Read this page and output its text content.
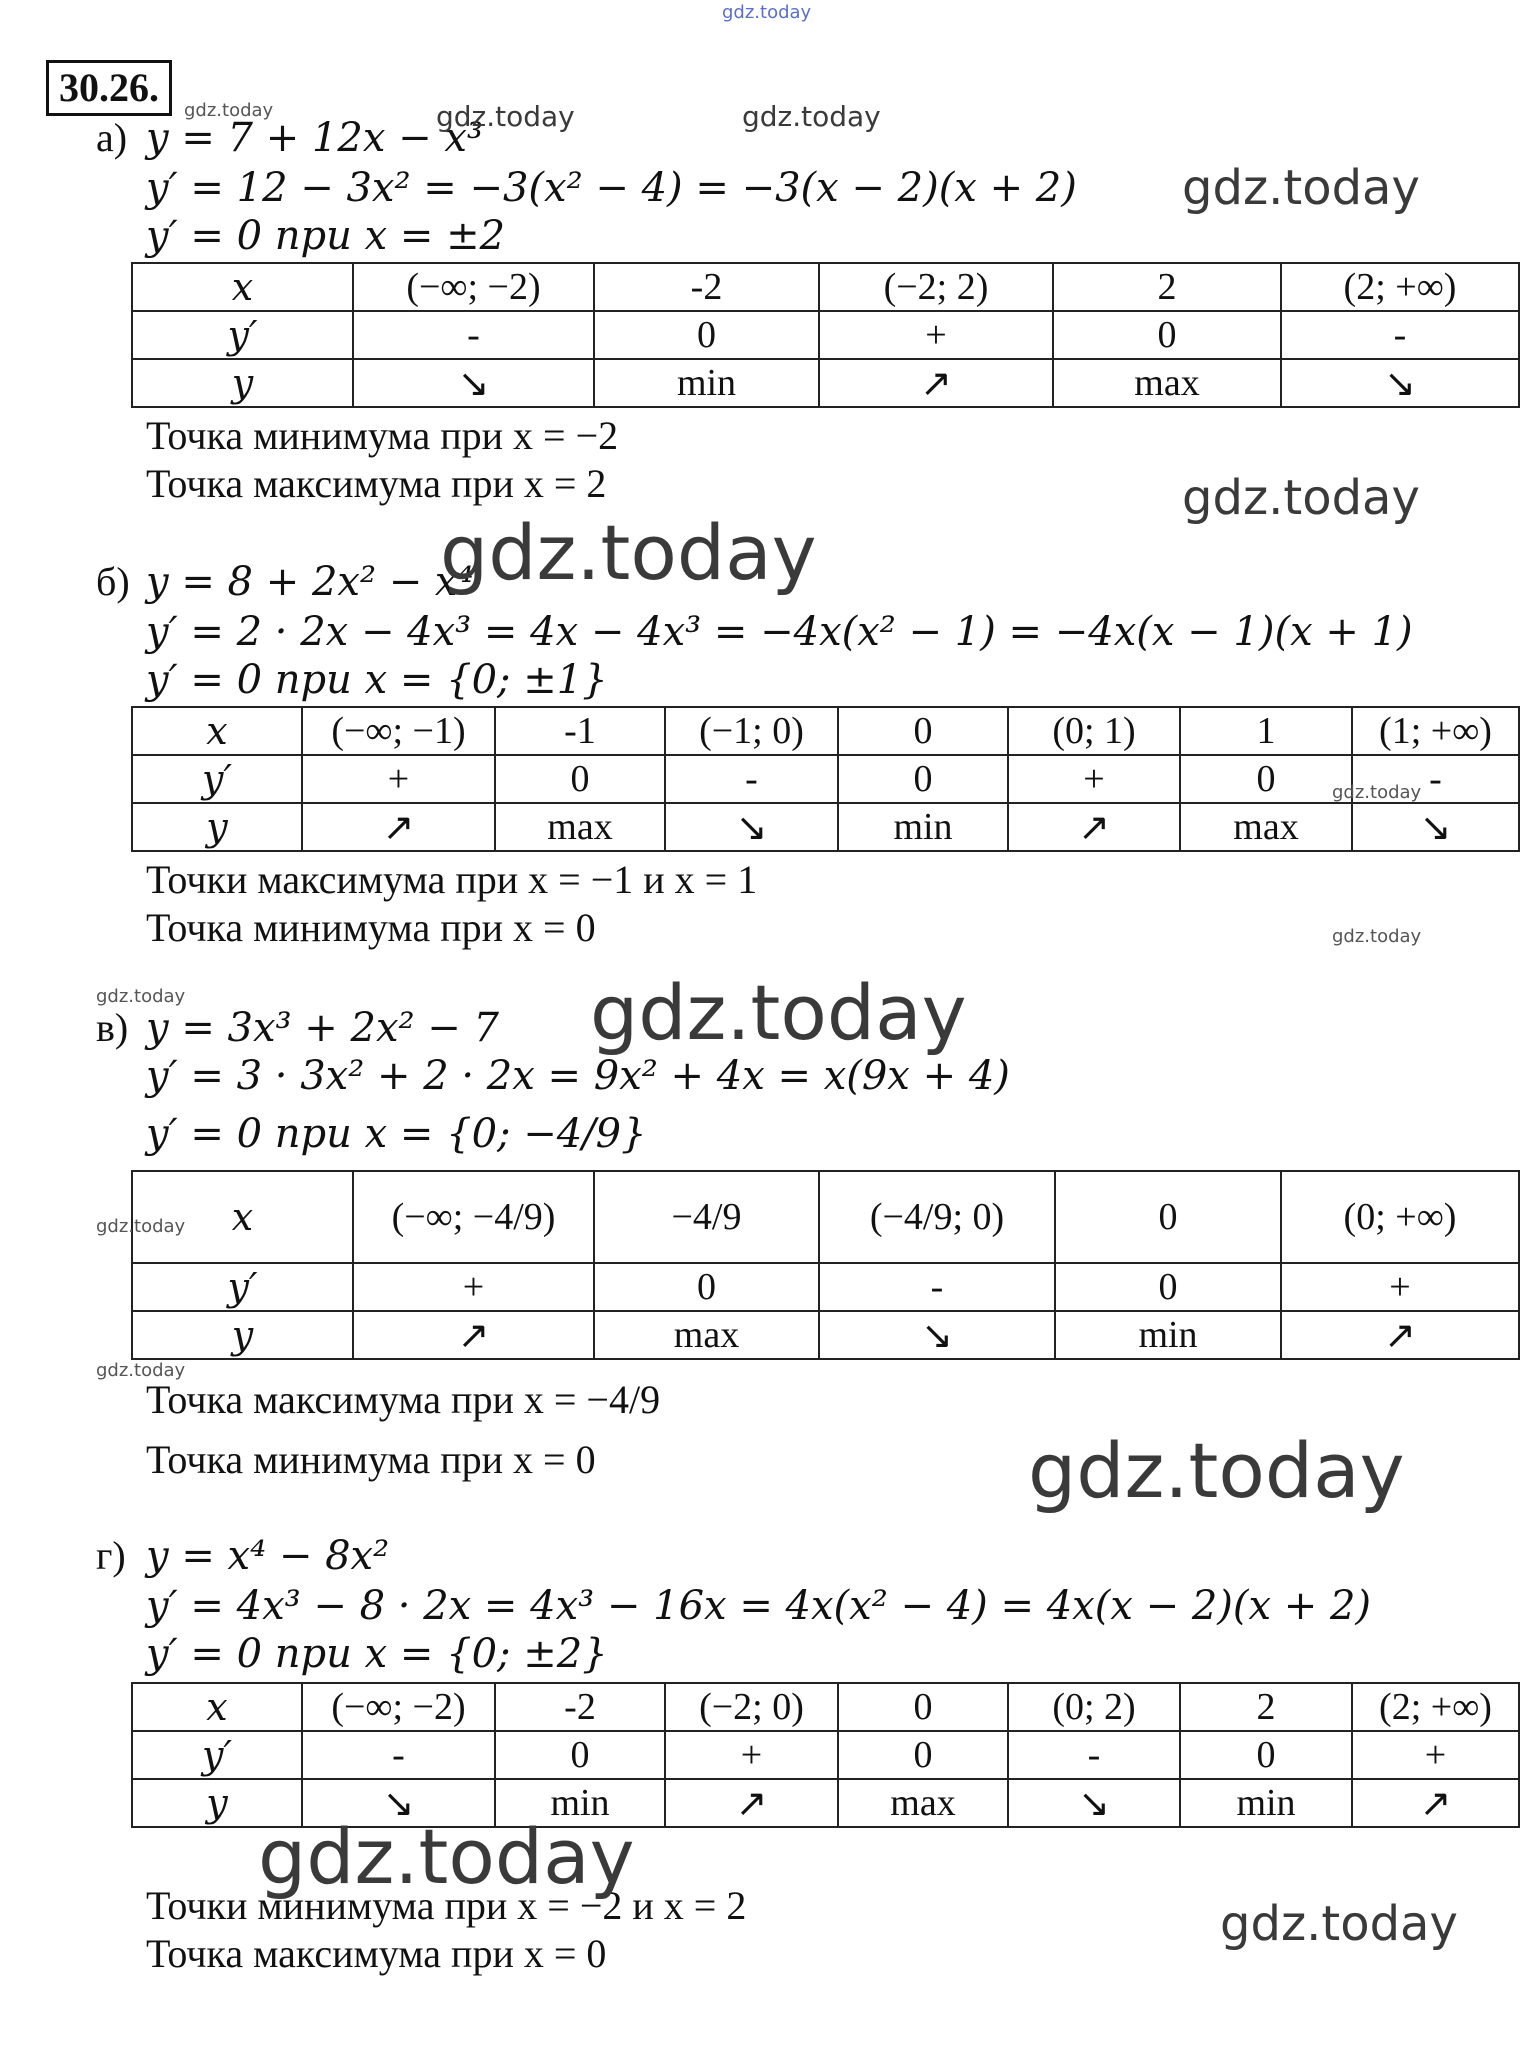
30.26.
а) y = 7 + 12x − x³
y′ = 12 − 3x² = −3(x² − 4) = −3(x − 2)(x + 2)
y′ = 0 при x = ±2
x	(−∞; −2)	-2	(−2; 2)	2	(2; +∞)
y′	-	0	+	0	-
y	↘	min	↗	max	↘
Точка минимума при x = −2
Точка максимума при x = 2
б) y = 8 + 2x² − x⁴
y′ = 2 · 2x − 4x³ = 4x − 4x³ = −4x(x² − 1) = −4x(x − 1)(x + 1)
y′ = 0 при x = {0; ±1}
x	(−∞; −1)	-1	(−1; 0)	0	(0; 1)	1	(1; +∞)
y′	+	0	-	0	+	0	-
y	↗	max	↘	min	↗	max	↘
Точки максимума при x = −1 и x = 1
Точка минимума при x = 0
в) y = 3x³ + 2x² − 7
y′ = 3 · 3x² + 2 · 2x = 9x² + 4x = x(9x + 4)
y′ = 0 при x = {0; −4/9}
x	(−∞; −4/9)	−4/9	(−4/9; 0)	0	(0; +∞)
y′	+	0	-	0	+
y	↗	max	↘	min	↗
Точка максимума при x = −4/9
Точка минимума при x = 0
г) y = x⁴ − 8x²
y′ = 4x³ − 8 · 2x = 4x³ − 16x = 4x(x² − 4) = 4x(x − 2)(x + 2)
y′ = 0 при x = {0; ±2}
x	(−∞; −2)	-2	(−2; 0)	0	(0; 2)	2	(2; +∞)
y′	-	0	+	0	-	0	+
y	↘	min	↗	max	↘	min	↗
Точки минимума при x = −2 и x = 2
Точка максимума при x = 0
gdz.today
gdz.today	gdz.today	gdz.today
gdz.today
gdz.today
gdz.today
gdz.today
gdz.today
gdz.today	gdz.today
gdz.today
gdz.today
gdz.today
gdz.today
gdz.today
